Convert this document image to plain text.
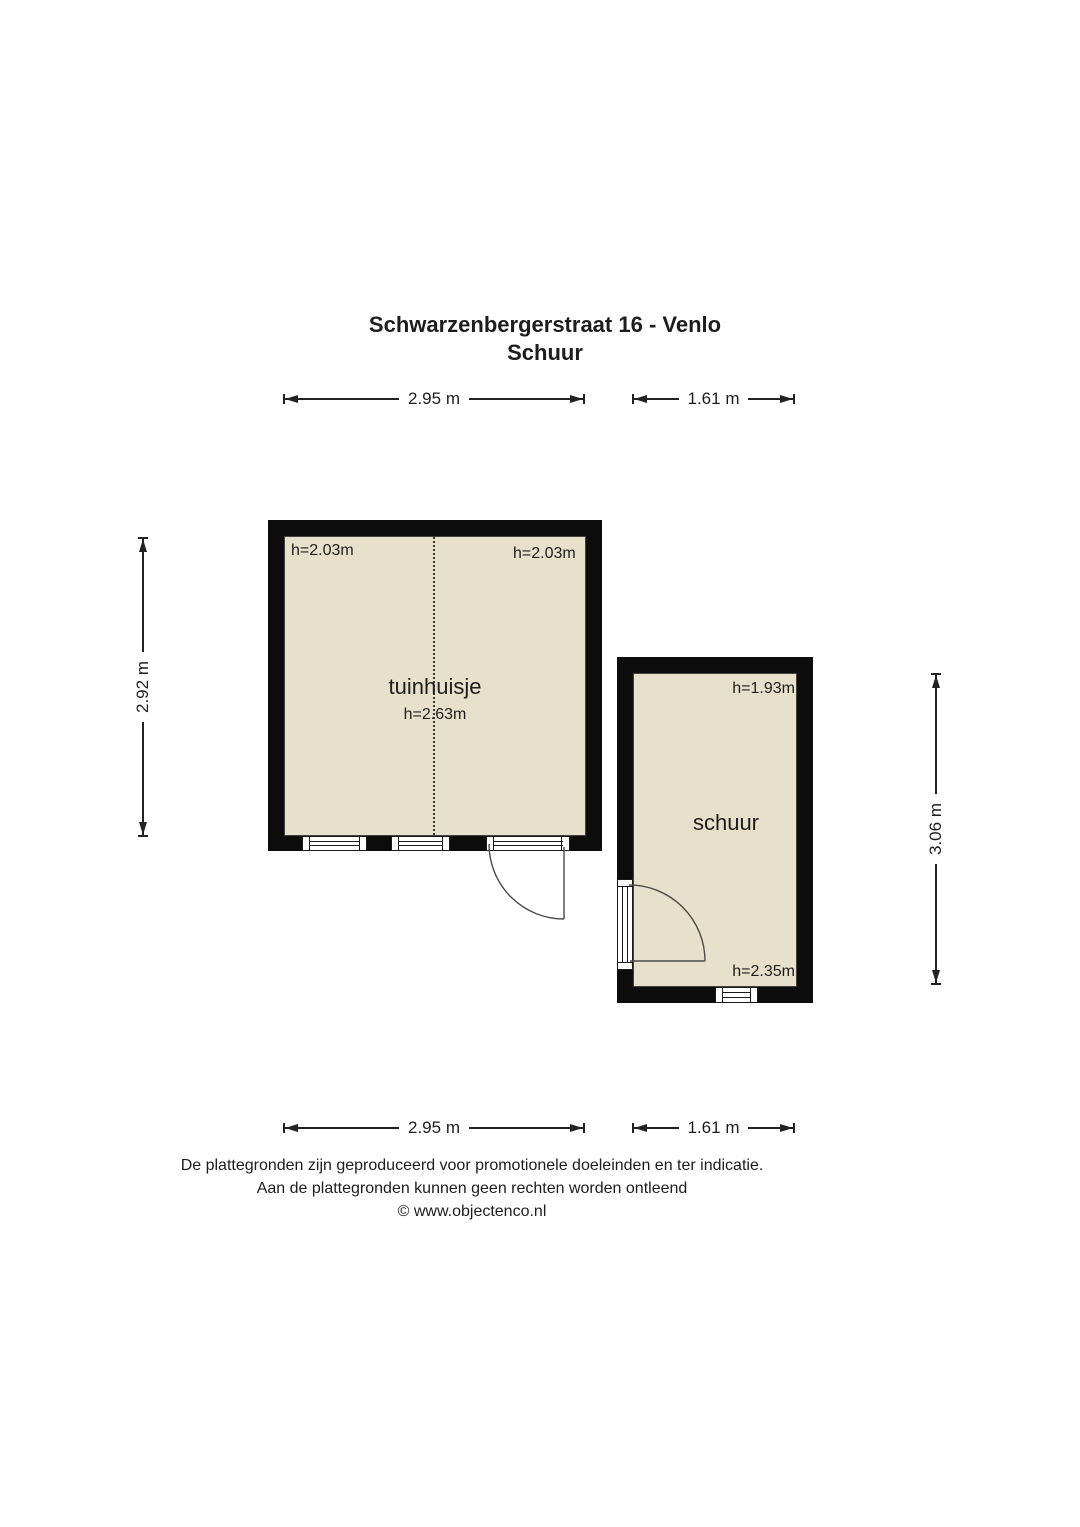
Schwarzenbergerstraat 16 - Venlo
Schuur
2.95 m	1.61 m
2.92 m
3.06 m
h=2.03m	h=2.03m
tuinhuisje
h=2.63m
h=1.93m
schuur
h=2.35m
2.95 m	1.61 m
De plattegronden zijn geproduceerd voor promotionele doeleinden en ter indicatie.
Aan de plattegronden kunnen geen rechten worden ontleend
© www.objectenco.nl
